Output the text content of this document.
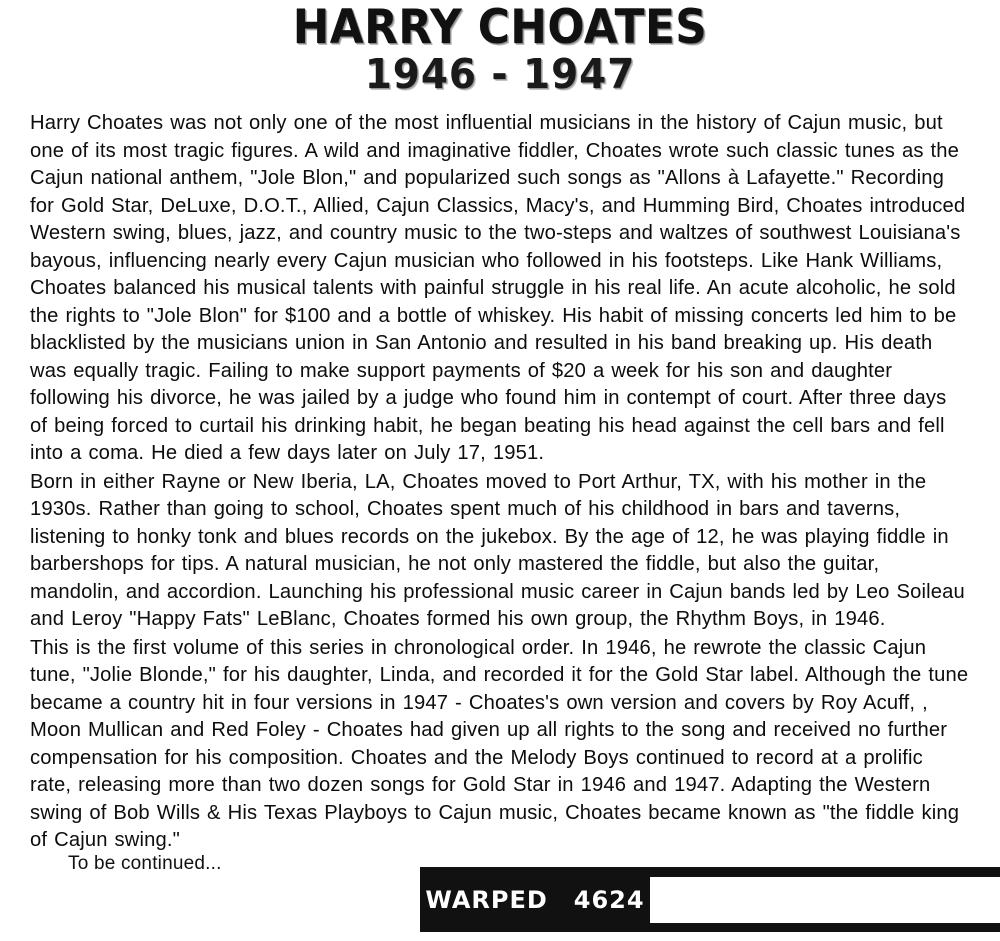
HARRY CHOATES
1946 - 1947

Harry Choates was not only one of the most influential musicians in the history of Cajun music, but one of its most tragic figures. A wild and imaginative fiddler, Choates wrote such classic tunes as the Cajun national anthem, "Jole Blon," and popularized such songs as "Allons à Lafayette." Recording for Gold Star, DeLuxe, D.O.T., Allied, Cajun Classics, Macy's, and Humming Bird, Choates introduced Western swing, blues, jazz, and country music to the two-steps and waltzes of southwest Louisiana's bayous, influencing nearly every Cajun musician who followed in his footsteps. Like Hank Williams, Choates balanced his musical talents with painful struggle in his real life. An acute alcoholic, he sold the rights to "Jole Blon" for $100 and a bottle of whiskey. His habit of missing concerts led him to be blacklisted by the musicians union in San Antonio and resulted in his band breaking up. His death was equally tragic. Failing to make support payments of $20 a week for his son and daughter following his divorce, he was jailed by a judge who found him in contempt of court. After three days of being forced to curtail his drinking habit, he began beating his head against the cell bars and fell into a coma. He died a few days later on July 17, 1951.

Born in either Rayne or New Iberia, LA, Choates moved to Port Arthur, TX, with his mother in the 1930s. Rather than going to school, Choates spent much of his childhood in bars and taverns, listening to honky tonk and blues records on the jukebox. By the age of 12, he was playing fiddle in barbershops for tips. A natural musician, he not only mastered the fiddle, but also the guitar, mandolin, and accordion. Launching his professional music career in Cajun bands led by Leo Soileau and Leroy "Happy Fats" LeBlanc, Choates formed his own group, the Rhythm Boys, in 1946.

This is the first volume of this series in chronological order. In 1946, he rewrote the classic Cajun tune, "Jolie Blonde," for his daughter, Linda, and recorded it for the Gold Star label. Although the tune became a country hit in four versions in 1947 - Choates's own version and covers by Roy Acuff, , Moon Mullican and Red Foley - Choates had given up all rights to the song and received no further compensation for his composition. Choates and the Melody Boys continued to record at a prolific rate, releasing more than two dozen songs for Gold Star in 1946 and 1947. Adapting the Western swing of Bob Wills & His Texas Playboys to Cajun music, Choates became known as "the fiddle king of Cajun swing."

To be continued...
WARPED 4624
